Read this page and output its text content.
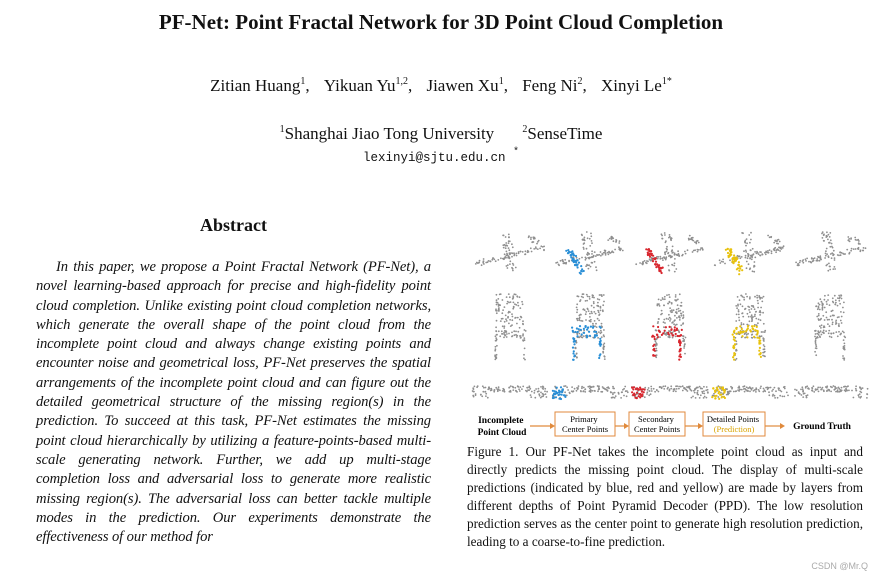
PF-Net: Point Fractal Network for 3D Point Cloud Completion
Zitian Huang$^1$, Yikuan Yu$^{1,2}$, Jiawen Xu$^1$, Feng Ni$^2$, Xinyi $Le^{1*}$
$^1$Shanghai Jiao Tong University	$^2$SenseTime
lexinyi@sjtu.edu.cn *
Abstract
In this paper, we propose a Point Fractal Network (PF-Net), a novel learning-based approach for precise and high-fidelity point cloud completion. Unlike existing point cloud completion networks, which generate the overall shape of the point cloud from the incomplete point cloud and always change existing points and encounter noise and geometrical loss, PF-Net preserves the spatial arrangements of the incomplete point cloud and can figure out the detailed geometrical structure of the missing region(s) in the prediction. To succeed at this task, PF-Net estimates the missing point cloud hierarchically by utilizing a feature-points-based multi-scale generating network. Further, we add up multi-stage completion loss and adversarial loss to generate more realistic missing region(s). The adversarial loss can better tackle multiple modes in the prediction. Our experiments demonstrate the effectiveness of our method for
Incomplete Point Cloud
Primary Center Points
Secondary Center Points
Detailed Points (Prediction)	Ground Truth
Figure 1. Our PF-Net takes the incomplete point cloud as input and directly predicts the missing point cloud. The display of multi-scale predictions (indicated by blue, red and yellow) are made by layers from different depths of Point Pyramid Decoder (PPD). The low resolution prediction serves as the center point to generate high resolution prediction, leading to a coarse-to-fine prediction.
CSDN @Mr.Q
